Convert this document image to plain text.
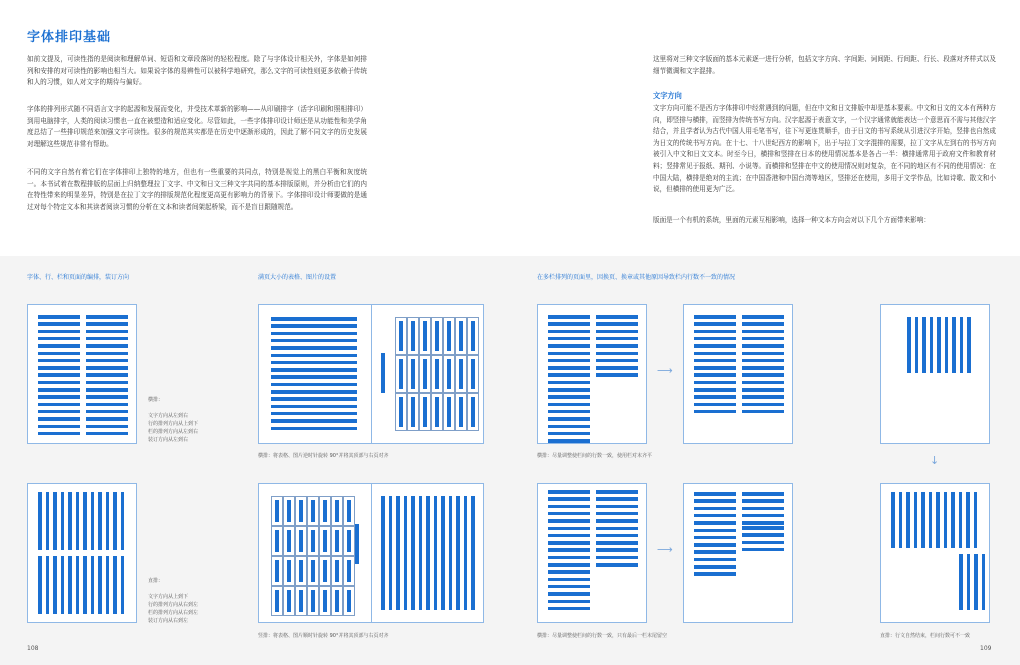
字体排印基础
如前文提及，可读性指的是阅读和理解单词、短语和文章段落时的轻松程度。除了与字体设计相关外，字体是如何排列和安排的对可读性的影响也相当大。如果说字体的易辨性可以被科学地研究，那么文字的可读性则更多依赖于传统和人的习惯，如人对文字的期待与偏好。
字体的排列形式随不同语言文字的起源和发展而变化，并受技术革新的影响——从印刷排字（活字印刷和照相排印）到用电脑排字，人类的阅读习惯也一直在被塑造和适应变化。尽管如此，一些字体排印设计师还是从功能性和美学角度总结了一些排印规范来加强文字可读性。很多的规范其实都是在历史中逐渐形成的，因此了解不同文字的历史发展对理解这些规范非常有帮助。
不同的文字自然有着它们在字体排印上独特的地方，但也有一些重要的共同点，特别是视觉上的黑白平衡和灰度统一。本书试着在数程排版的层面上归纳整理拉丁文字、中文和日文三种文字共同的基本排版原则，并分析由它们的内在特性带来的明显差异，特别是在拉丁文字的排版规范化程度更高更有影响力的背景下。字体排印设计师要做的是通过对每个特定文本和其读者阅读习惯的分析在文本和读者间架起桥梁，而不是盲目跟随规范。
这里将对三种文字版面的基本元素逐一进行分析，包括文字方向、字间距、词间距、行间距、行长、段落对齐样式以及细节微调和文字混排。
文字方向
文字方向可能不是西方字体排印中经常遇到的问题，但在中文和日文排版中却是基本要素。中文和日文的文本有两种方向，即竖排与横排，而竖排为传统书写方向。汉字起源于表意文字，一个汉字通常就能表达一个意思而不需与其他汉字结合，并且学者认为古代中国人用毛笔书写，往下写更连贯顺手，由于日文的书写系统从引进汉字开始，竖排也自然成为日文的传统书写方向。在十七、十八世纪西方的影响下，出于与拉丁文字混排的需要，拉丁文字从左到右的书写方向被引入中文和日文文本。时至今日，横排和竖排在日本的使用情况基本是各占一半：横排通常用于政府文件和教育材料；竖排常见于报纸、期刊、小说等。而横排和竖排在中文的使用情况则对复杂，在不同的地区有不同的使用情况：在中国大陆，横排是绝对的主流；在中国香港和中国台湾等地区，竖排还在使用，多用于文学作品，比如诗歌、散文和小说，但横排的使用更为广泛。
版面是一个有机的系统，里面的元素互相影响，选择一种文本方向会对以下几个方面带来影响：
字体、行、栏和页面的编排，装订方向	满页大小的表格、图片的设置	在多栏排列的页面里，因换页、换章或其他原因导致栏内行数不一致的情况
横排：

文字方向从左到右
行的排列方向从上到下
栏的排列方向从左到右
装订方向从左到右
直排：

文字方向从上到下
行的排列方向从右到左
栏的排列方向从右到左
装订方向从右到左
横排：将表格、图片逆时针旋转 90°并将其顶部与右页对齐
竖排：将表格、图片顺时针旋转 90°并将其顶部与右页对齐
⟶
横排：尽量调整使栏间的行数一致，使用栏对末齐平
⟶
横排：尽量调整使栏间的行数一致，只有最后一栏末尾留空
↓
直排：行文自然结束，栏间行数可不一致
108	109
